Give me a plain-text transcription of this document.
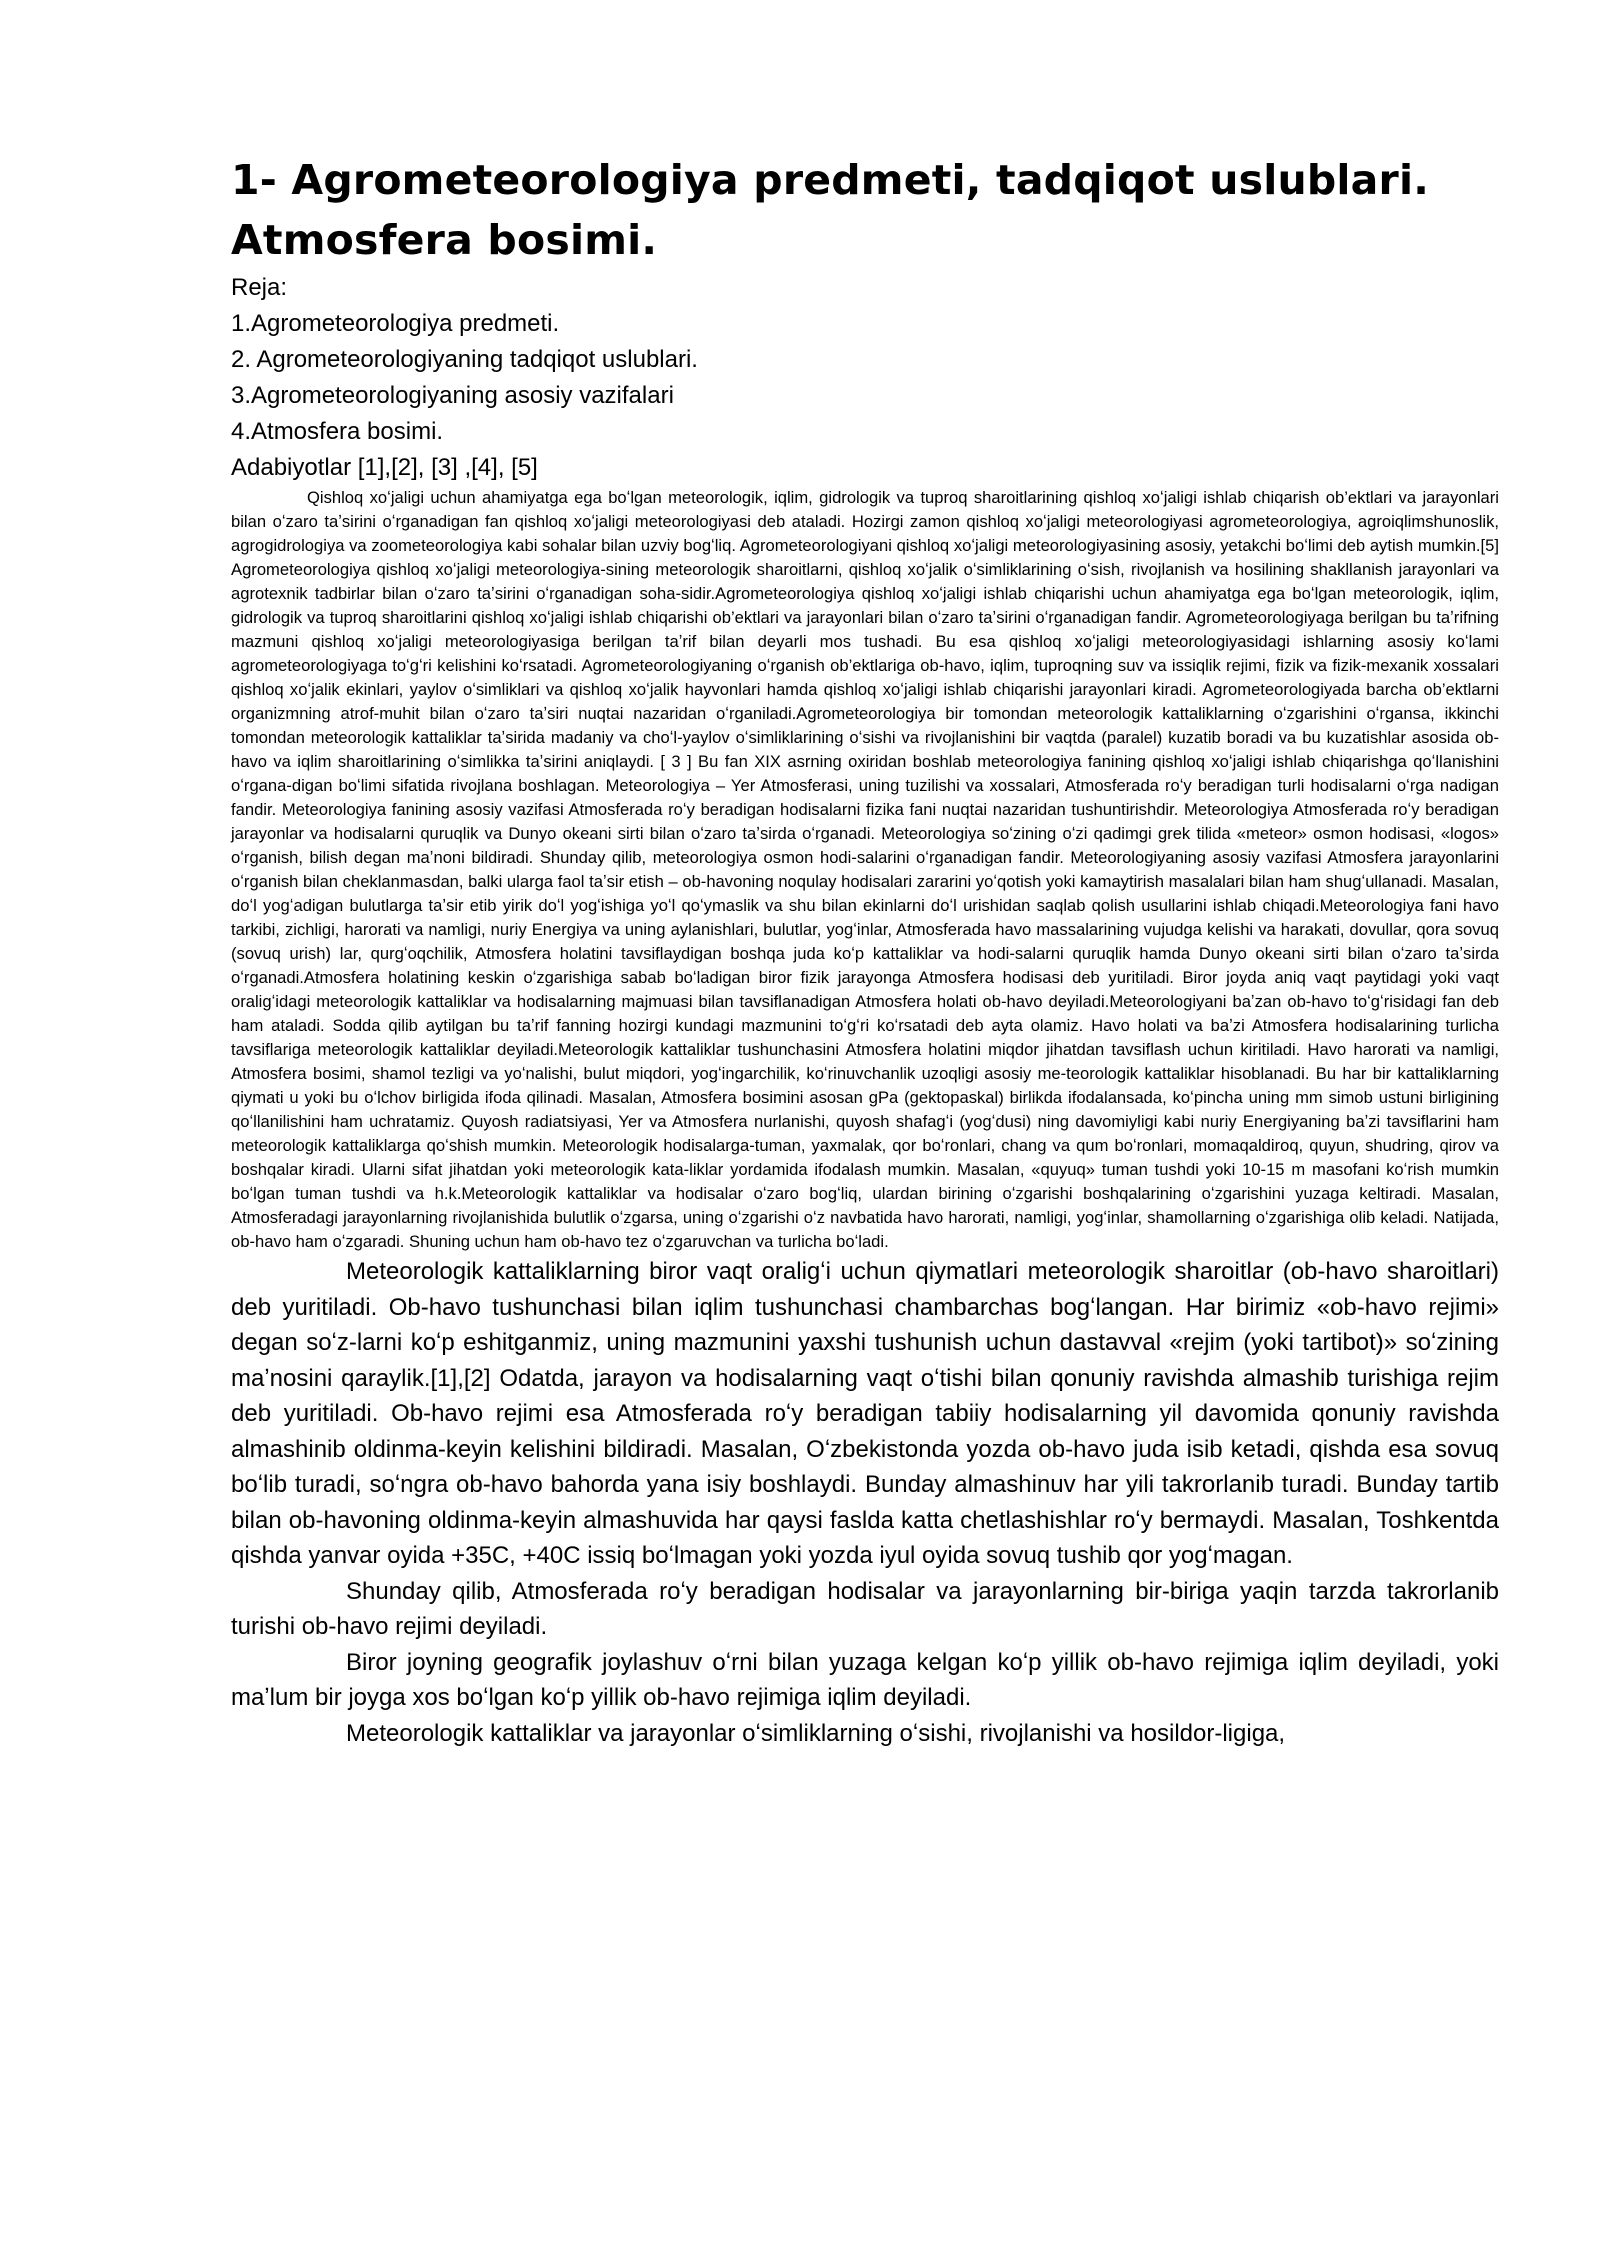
1- Agrometeorologiya predmeti, tadqiqot uslublari.
Atmosfera bosimi.
Reja:
1.Agrometeorologiya predmeti.
2. Agrometeorologiyaning tadqiqot uslublari.
3.Agrometeorologiyaning asosiy vazifalari
4.Atmosfera bosimi.
Adabiyotlar [1],[2], [3] ,[4], [5]

Qishloq xoʻjaligi uchun ahamiyatga ega boʻlgan meteorologik, iqlim, gidrologik va tuproq sharoitlarining qishloq xoʻjaligi ishlab chiqarish ob’ektlari va jarayonlari bilan oʻzaro taʼsirini oʻrganadigan fan qishloq xoʻjaligi meteorologiyasi deb ataladi. Hozirgi zamon qishloq xoʻjaligi meteorologiyasi agrometeorologiya, agroiqlimshunoslik, agrogidrologiya va zoometeorologiya kabi sohalar bilan uzviy bogʻliq. Agrometeorologiyani qishloq xoʻjaligi meteorologiyasining asosiy, yetakchi boʻlimi deb aytish mumkin.[5] Agrometeorologiya qishloq xoʻjaligi meteorologiya-sining meteorologik sharoitlarni, qishloq xoʻjalik oʻsimliklarining oʻsish, rivojlanish va hosilining shakllanish jarayonlari va agrotexnik tadbirlar bilan oʻzaro taʼsirini oʻrganadigan soha-sidir.Agrometeorologiya qishloq xoʻjaligi ishlab chiqarishi uchun ahamiyatga ega boʻlgan meteorologik, iqlim, gidrologik va tuproq sharoitlarini qishloq xoʻjaligi ishlab chiqarishi ob’ektlari va jarayonlari bilan oʻzaro taʼsirini oʻrganadigan fandir. Agrometeorologiyaga berilgan bu taʼrifning mazmuni qishloq xoʻjaligi meteorologiyasiga berilgan taʼrif bilan deyarli mos tushadi. Bu esa qishloq xoʻjaligi meteorologiyasidagi ishlarning asosiy koʻlami agrometeorologiyaga toʻgʻri kelishini koʻrsatadi. Agrometeorologiyaning oʻrganish ob’ektlariga ob-havo, iqlim, tuproqning suv va issiqlik rejimi, fizik va fizik-mexanik xossalari qishloq xoʻjalik ekinlari, yaylov oʻsimliklari va qishloq xoʻjalik hayvonlari hamda qishloq xoʻjaligi ishlab chiqarishi jarayonlari kiradi. Agrometeorologiyada barcha ob’ektlarni organizmning atrof-muhit bilan oʻzaro taʼsiri nuqtai nazaridan oʻrganiladi.Agrometeorologiya bir tomondan meteorologik kattaliklarning oʻzgarishini oʻrgansa, ikkinchi tomondan meteorologik kattaliklar taʼsirida madaniy va choʻl-yaylov oʻsimliklarining oʻsishi va rivojlanishini bir vaqtda (paralel) kuzatib boradi va bu kuzatishlar asosida ob-havo va iqlim sharoitlarining oʻsimlikka taʼsirini aniqlaydi. [ 3 ] Bu fan XIX asrning oxiridan boshlab meteorologiya fanining qishloq xoʻjaligi ishlab chiqarishga qoʻllanishini oʻrgana-digan boʻlimi sifatida rivojlana boshlagan. Meteorologiya – Yer Atmosferasi, uning tuzilishi va xossalari, Atmosferada roʻy beradigan turli hodisalarni oʻrga nadigan fandir. Meteorologiya fanining asosiy vazifasi Atmosferada roʻy beradigan hodisalarni fizika fani nuqtai nazaridan tushuntirishdir. Meteorologiya Atmosferada roʻy beradigan jarayonlar va hodisalarni quruqlik va Dunyo okeani sirti bilan oʻzaro taʼsirda oʻrganadi. Meteorologiya soʻzining oʻzi qadimgi grek tilida «meteor» osmon hodisasi, «logos» oʻrganish, bilish degan maʼnoni bildiradi. Shunday qilib, meteorologiya osmon hodi-salarini oʻrganadigan fandir. Meteorologiyaning asosiy vazifasi Atmosfera jarayonlarini oʻrganish bilan cheklanmasdan, balki ularga faol taʼsir etish – ob-havoning noqulay hodisalari zararini yoʻqotish yoki kamaytirish masalalari bilan ham shugʻullanadi. Masalan, doʻl yogʻadigan bulutlarga taʼsir etib yirik doʻl yogʻishiga yoʻl qoʻymaslik va shu bilan ekinlarni doʻl urishidan saqlab qolish usullarini ishlab chiqadi.Meteorologiya fani havo tarkibi, zichligi, harorati va namligi, nuriy Energiya va uning aylanishlari, bulutlar, yogʻinlar, Atmosferada havo massalarining vujudga kelishi va harakati, dovullar, qora sovuq (sovuq urish) lar, qurgʻoqchilik, Atmosfera holatini tavsiflaydigan boshqa juda koʻp kattaliklar va hodi-salarni quruqlik hamda Dunyo okeani sirti bilan oʻzaro taʼsirda oʻrganadi.Atmosfera holatining keskin oʻzgarishiga sabab boʻladigan biror fizik jarayonga Atmosfera hodisasi deb yuritiladi. Biror joyda aniq vaqt paytidagi yoki vaqt oraligʻidagi meteorologik kattaliklar va hodisalarning majmuasi bilan tavsiflanadigan Atmosfera holati ob-havo deyiladi.Meteorologiyani baʼzan ob-havo toʻgʻrisidagi fan deb ham ataladi. Sodda qilib aytilgan bu taʼrif fanning hozirgi kundagi mazmunini toʻgʻri koʻrsatadi deb ayta olamiz. Havo holati va baʼzi Atmosfera hodisalarining turlicha tavsiflariga meteorologik kattaliklar deyiladi.Meteorologik kattaliklar tushunchasini Atmosfera holatini miqdor jihatdan tavsiflash uchun kiritiladi. Havo harorati va namligi, Atmosfera bosimi, shamol tezligi va yoʻnalishi, bulut miqdori, yogʻingarchilik, koʻrinuvchanlik uzoqligi asosiy me-teorologik kattaliklar hisoblanadi. Bu har bir kattaliklarning qiymati u yoki bu oʻlchov birligida ifoda qilinadi. Masalan, Atmosfera bosimini asosan gPa (gektopaskal) birlikda ifodalansada, koʻpincha uning mm simob ustuni birligining qoʻllanilishini ham uchratamiz. Quyosh radiatsiyasi, Yer va Atmosfera nurlanishi, quyosh shafagʻi (yogʻdusi) ning davomiyligi kabi nuriy Energiyaning baʼzi tavsiflarini ham meteorologik kattaliklarga qoʻshish mumkin. Meteorologik hodisalarga-tuman, yaxmalak, qor boʻronlari, chang va qum boʻronlari, momaqaldiroq, quyun, shudring, qirov va boshqalar kiradi. Ularni sifat jihatdan yoki meteorologik kata-liklar yordamida ifodalash mumkin. Masalan, «quyuq» tuman tushdi yoki 10-15 m masofani koʻrish mumkin boʻlgan tuman tushdi va h.k.Meteorologik kattaliklar va hodisalar oʻzaro bogʻliq, ulardan birining oʻzgarishi boshqalarining oʻzgarishini yuzaga keltiradi. Masalan, Atmosferadagi jarayonlarning rivojlanishida bulutlik oʻzgarsa, uning oʻzgarishi oʻz navbatida havo harorati, namligi, yogʻinlar, shamollarning oʻzgarishiga olib keladi. Natijada, ob-havo ham oʻzgaradi. Shuning uchun ham ob-havo tez oʻzgaruvchan va turlicha boʻladi.

Meteorologik kattaliklarning biror vaqt oraligʻi uchun qiymatlari meteorologik sharoitlar (ob-havo sharoitlari) deb yuritiladi. Ob-havo tushunchasi bilan iqlim tushunchasi chambarchas bogʻlangan. Har birimiz «ob-havo rejimi» degan soʻz-larni koʻp eshitganmiz, uning mazmunini yaxshi tushunish uchun dastavval «rejim (yoki tartibot)» soʻzining maʼnosini qaraylik.[1],[2] Odatda, jarayon va hodisalarning vaqt oʻtishi bilan qonuniy ravishda almashib turishiga rejim deb yuritiladi. Ob-havo rejimi esa Atmosferada roʻy beradigan tabiiy hodisalarning yil davomida qonuniy ravishda almashinib oldinma-keyin kelishini bildiradi. Masalan, Oʻzbekistonda yozda ob-havo juda isib ketadi, qishda esa sovuq boʻlib turadi, soʻngra ob-havo bahorda yana isiy boshlaydi. Bunday almashinuv har yili takrorlanib turadi. Bunday tartib bilan ob-havoning oldinma-keyin almashuvida har qaysi faslda katta chetlashishlar roʻy bermaydi. Masalan, Toshkentda qishda yanvar oyida +35C, +40C issiq boʻlmagan yoki yozda iyul oyida sovuq tushib qor yogʻmagan.

Shunday qilib, Atmosferada roʻy beradigan hodisalar va jarayonlarning bir-biriga yaqin tarzda takrorlanib turishi ob-havo rejimi deyiladi.

Biror joyning geografik joylashuv oʻrni bilan yuzaga kelgan koʻp yillik ob-havo rejimiga iqlim deyiladi, yoki maʼlum bir joyga xos boʻlgan koʻp yillik ob-havo rejimiga iqlim deyiladi.

Meteorologik kattaliklar va jarayonlar oʻsimliklarning oʻsishi, rivojlanishi va hosildor-ligiga,
